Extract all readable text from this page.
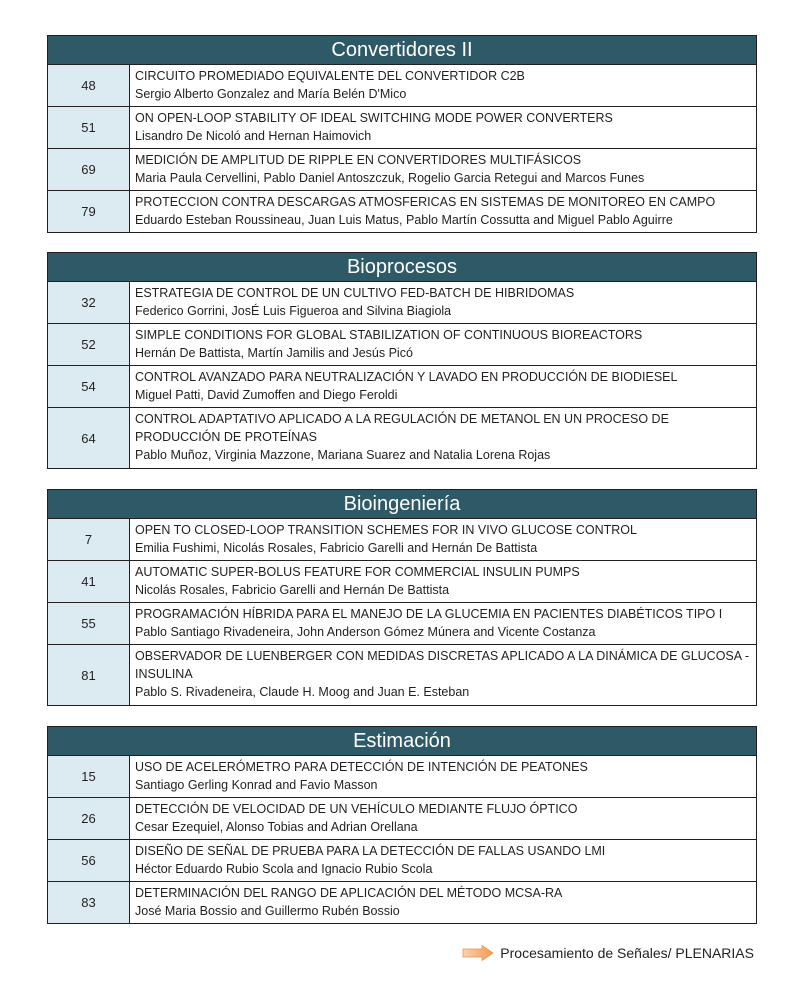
Convertidores II
48
CIRCUITO PROMEDIADO EQUIVALENTE DEL CONVERTIDOR C2B
Sergio Alberto Gonzalez and María Belén D'Mico
51
ON OPEN-LOOP STABILITY OF IDEAL SWITCHING MODE POWER CONVERTERS
Lisandro De Nicoló and Hernan Haimovich
69
MEDICIÓN DE AMPLITUD DE RIPPLE EN CONVERTIDORES MULTIFÁSICOS
Maria Paula Cervellini, Pablo Daniel Antoszczuk, Rogelio Garcia Retegui and Marcos Funes
79
PROTECCION CONTRA DESCARGAS ATMOSFERICAS EN SISTEMAS DE MONITOREO EN CAMPO
Eduardo Esteban Roussineau, Juan Luis Matus, Pablo Martín Cossutta and Miguel Pablo Aguirre
Bioprocesos
32
ESTRATEGIA DE CONTROL DE UN CULTIVO FED-BATCH DE HIBRIDOMAS
Federico Gorrini, JosÉ Luis Figueroa and Silvina Biagiola
52
SIMPLE CONDITIONS FOR GLOBAL STABILIZATION OF CONTINUOUS BIOREACTORS
Hernán De Battista, Martín Jamilis and Jesús Picó
54
CONTROL AVANZADO PARA NEUTRALIZACIÓN Y LAVADO EN PRODUCCIÓN DE BIODIESEL
Miguel Patti, David Zumoffen and Diego Feroldi
64
CONTROL ADAPTATIVO APLICADO A LA REGULACIÓN DE METANOL EN UN PROCESO DE PRODUCCIÓN DE PROTEÍNAS
Pablo Muñoz, Virginia Mazzone, Mariana Suarez and Natalia Lorena Rojas
Bioingeniería
7
OPEN TO CLOSED-LOOP TRANSITION SCHEMES FOR IN VIVO GLUCOSE CONTROL
Emilia Fushimi, Nicolás Rosales, Fabricio Garelli and Hernán De Battista
41
AUTOMATIC SUPER-BOLUS FEATURE FOR COMMERCIAL INSULIN PUMPS
Nicolás Rosales, Fabricio Garelli and Hernán De Battista
55
PROGRAMACIÓN HÍBRIDA PARA EL MANEJO DE LA GLUCEMIA EN PACIENTES DIABÉTICOS TIPO I
Pablo Santiago Rivadeneira, John Anderson Gómez Múnera and Vicente Costanza
81
OBSERVADOR DE LUENBERGER CON MEDIDAS DISCRETAS APLICADO A LA DINÁMICA DE GLUCOSA - INSULINA
Pablo S. Rivadeneira, Claude H. Moog and Juan E. Esteban
Estimación
15
USO DE ACELERÓMETRO PARA DETECCIÓN DE INTENCIÓN DE PEATONES
Santiago Gerling Konrad and Favio Masson
26
DETECCIÓN DE VELOCIDAD DE UN VEHÍCULO MEDIANTE FLUJO ÓPTICO
Cesar Ezequiel, Alonso Tobias and Adrian Orellana
56
DISEÑO DE SEÑAL DE PRUEBA PARA LA DETECCIÓN DE FALLAS USANDO LMI
Héctor Eduardo Rubio Scola and Ignacio Rubio Scola
83
DETERMINACIÓN DEL RANGO DE APLICACIÓN DEL MÉTODO MCSA-RA
José Maria Bossio and Guillermo Rubén Bossio
Procesamiento de Señales/ PLENARIAS
